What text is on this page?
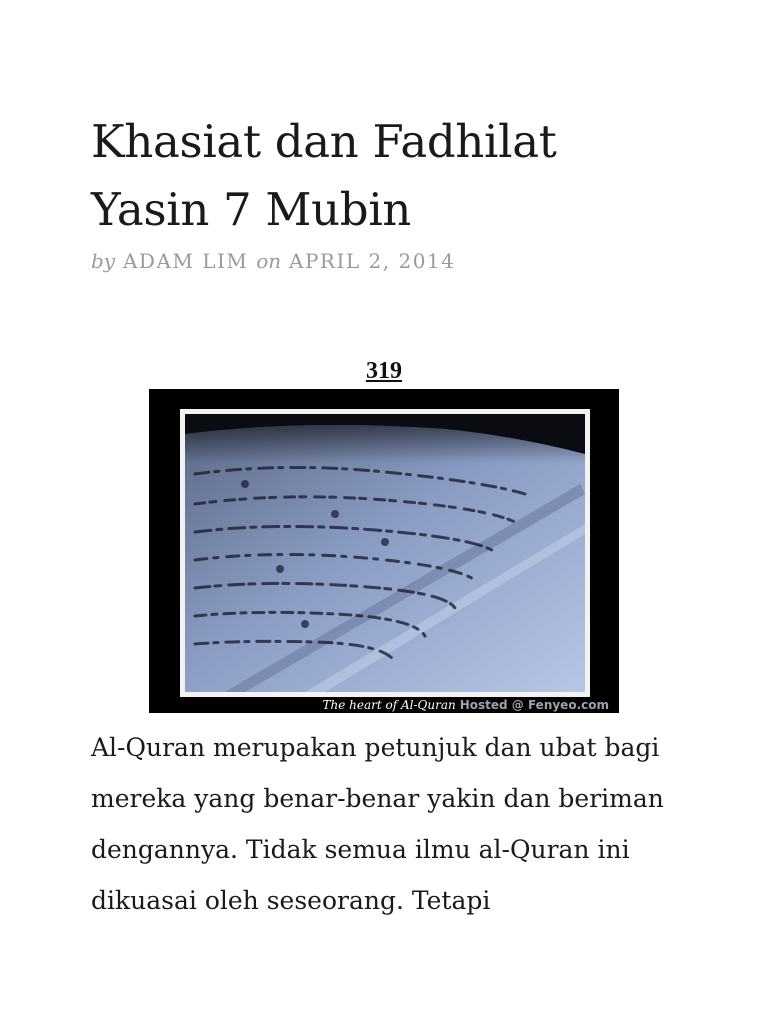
Khasiat dan Fadhilat Yasin 7 Mubin
by ADAM LIM on APRIL 2, 2014
319
The heart of Al-Quran Hosted @ Fenyeo.com

Al-Quran merupakan petunjuk dan ubat bagi mereka yang benar-benar yakin dan beriman dengannya. Tidak semua ilmu al-Quran ini dikuasai oleh seseorang. Tetapi
